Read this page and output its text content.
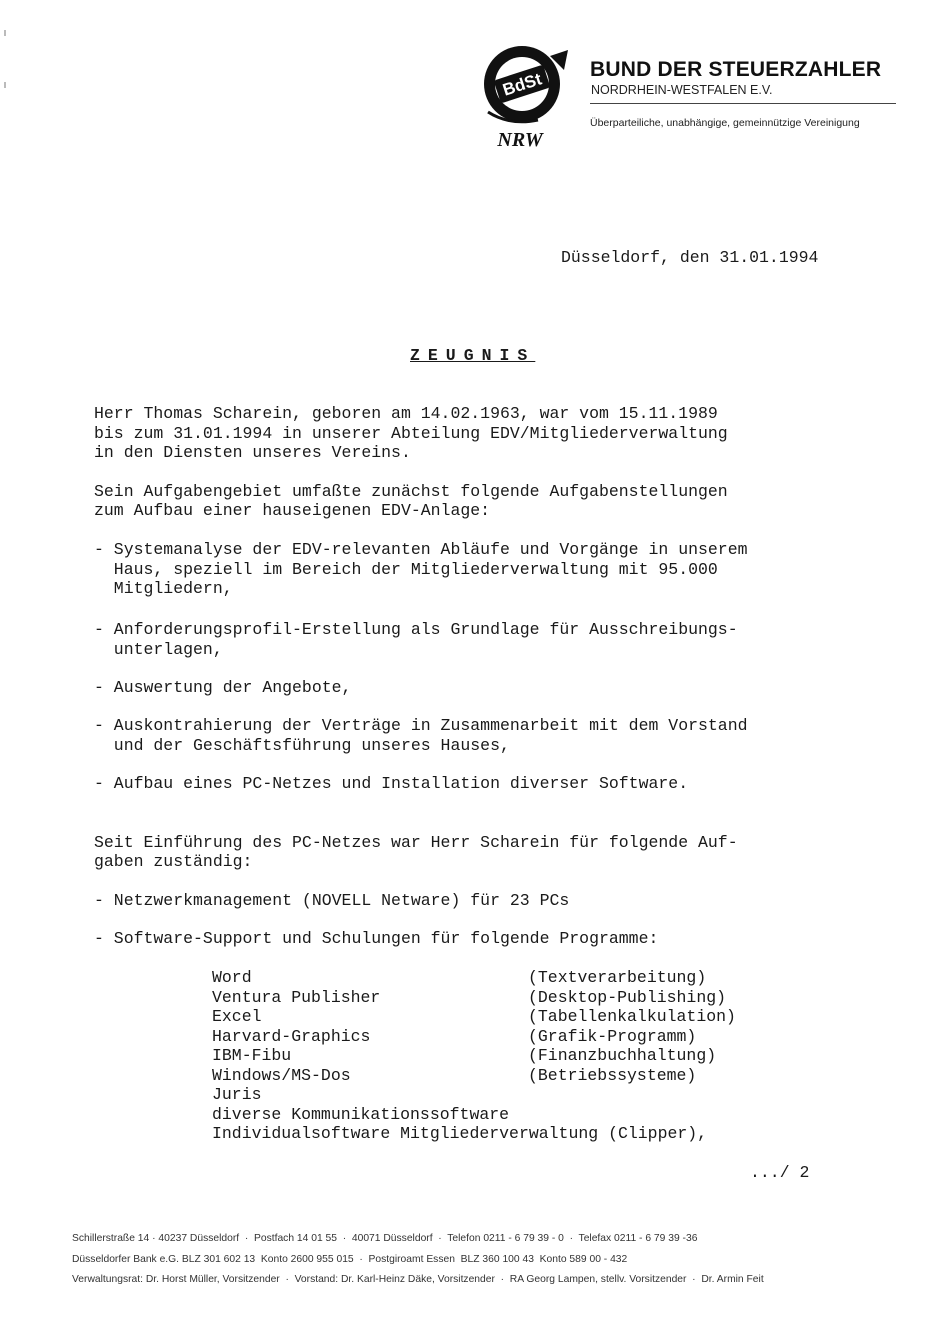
BdSt
NRW
BUND DER STEUERZAHLER
NORDRHEIN-WESTFALEN E.V.
Überparteiliche, unabhängige, gemeinnützige Vereinigung
Düsseldorf, den 31.01.1994
ZEUGNIS
Herr Thomas Scharein, geboren am 14.02.1963, war vom 15.11.1989
bis zum 31.01.1994 in unserer Abteilung EDV/Mitgliederverwaltung
in den Diensten unseres Vereins.
Sein Aufgabengebiet umfaßte zunächst folgende Aufgabenstellungen
zum Aufbau einer hauseigenen EDV-Anlage:
- Systemanalyse der EDV-relevanten Abläufe und Vorgänge in unserem
Haus, speziell im Bereich der Mitgliederverwaltung mit 95.000
Mitgliedern,
- Anforderungsprofil-Erstellung als Grundlage für Ausschreibungs-
unterlagen,
- Auswertung der Angebote,
- Auskontrahierung der Verträge in Zusammenarbeit mit dem Vorstand
und der Geschäftsführung unseres Hauses,
- Aufbau eines PC-Netzes und Installation diverser Software.
Seit Einführung des PC-Netzes war Herr Scharein für folgende Auf-
gaben zuständig:
- Netzwerkmanagement (NOVELL Netware) für 23 PCs
- Software-Support und Schulungen für folgende Programme:
Word	(Textverarbeitung)
Ventura Publisher	(Desktop-Publishing)
Excel	(Tabellenkalkulation)
Harvard-Graphics	(Grafik-Programm)
IBM-Fibu	(Finanzbuchhaltung)
Windows/MS-Dos	(Betriebssysteme)
Juris
diverse Kommunikationssoftware
Individualsoftware Mitgliederverwaltung (Clipper),
.../ 2
Schillerstraße 14 · 40237 Düsseldorf  ·  Postfach 14 01 55  ·  40071 Düsseldorf  ·  Telefon 0211 - 6 79 39 - 0  ·  Telefax 0211 - 6 79 39 -36
Düsseldorfer Bank e.G. BLZ 301 602 13  Konto 2600 955 015  ·  Postgiroamt Essen  BLZ 360 100 43  Konto 589 00 - 432
Verwaltungsrat: Dr. Horst Müller, Vorsitzender  ·  Vorstand: Dr. Karl-Heinz Däke, Vorsitzender  ·  RA Georg Lampen, stellv. Vorsitzender  ·  Dr. Armin Feit
